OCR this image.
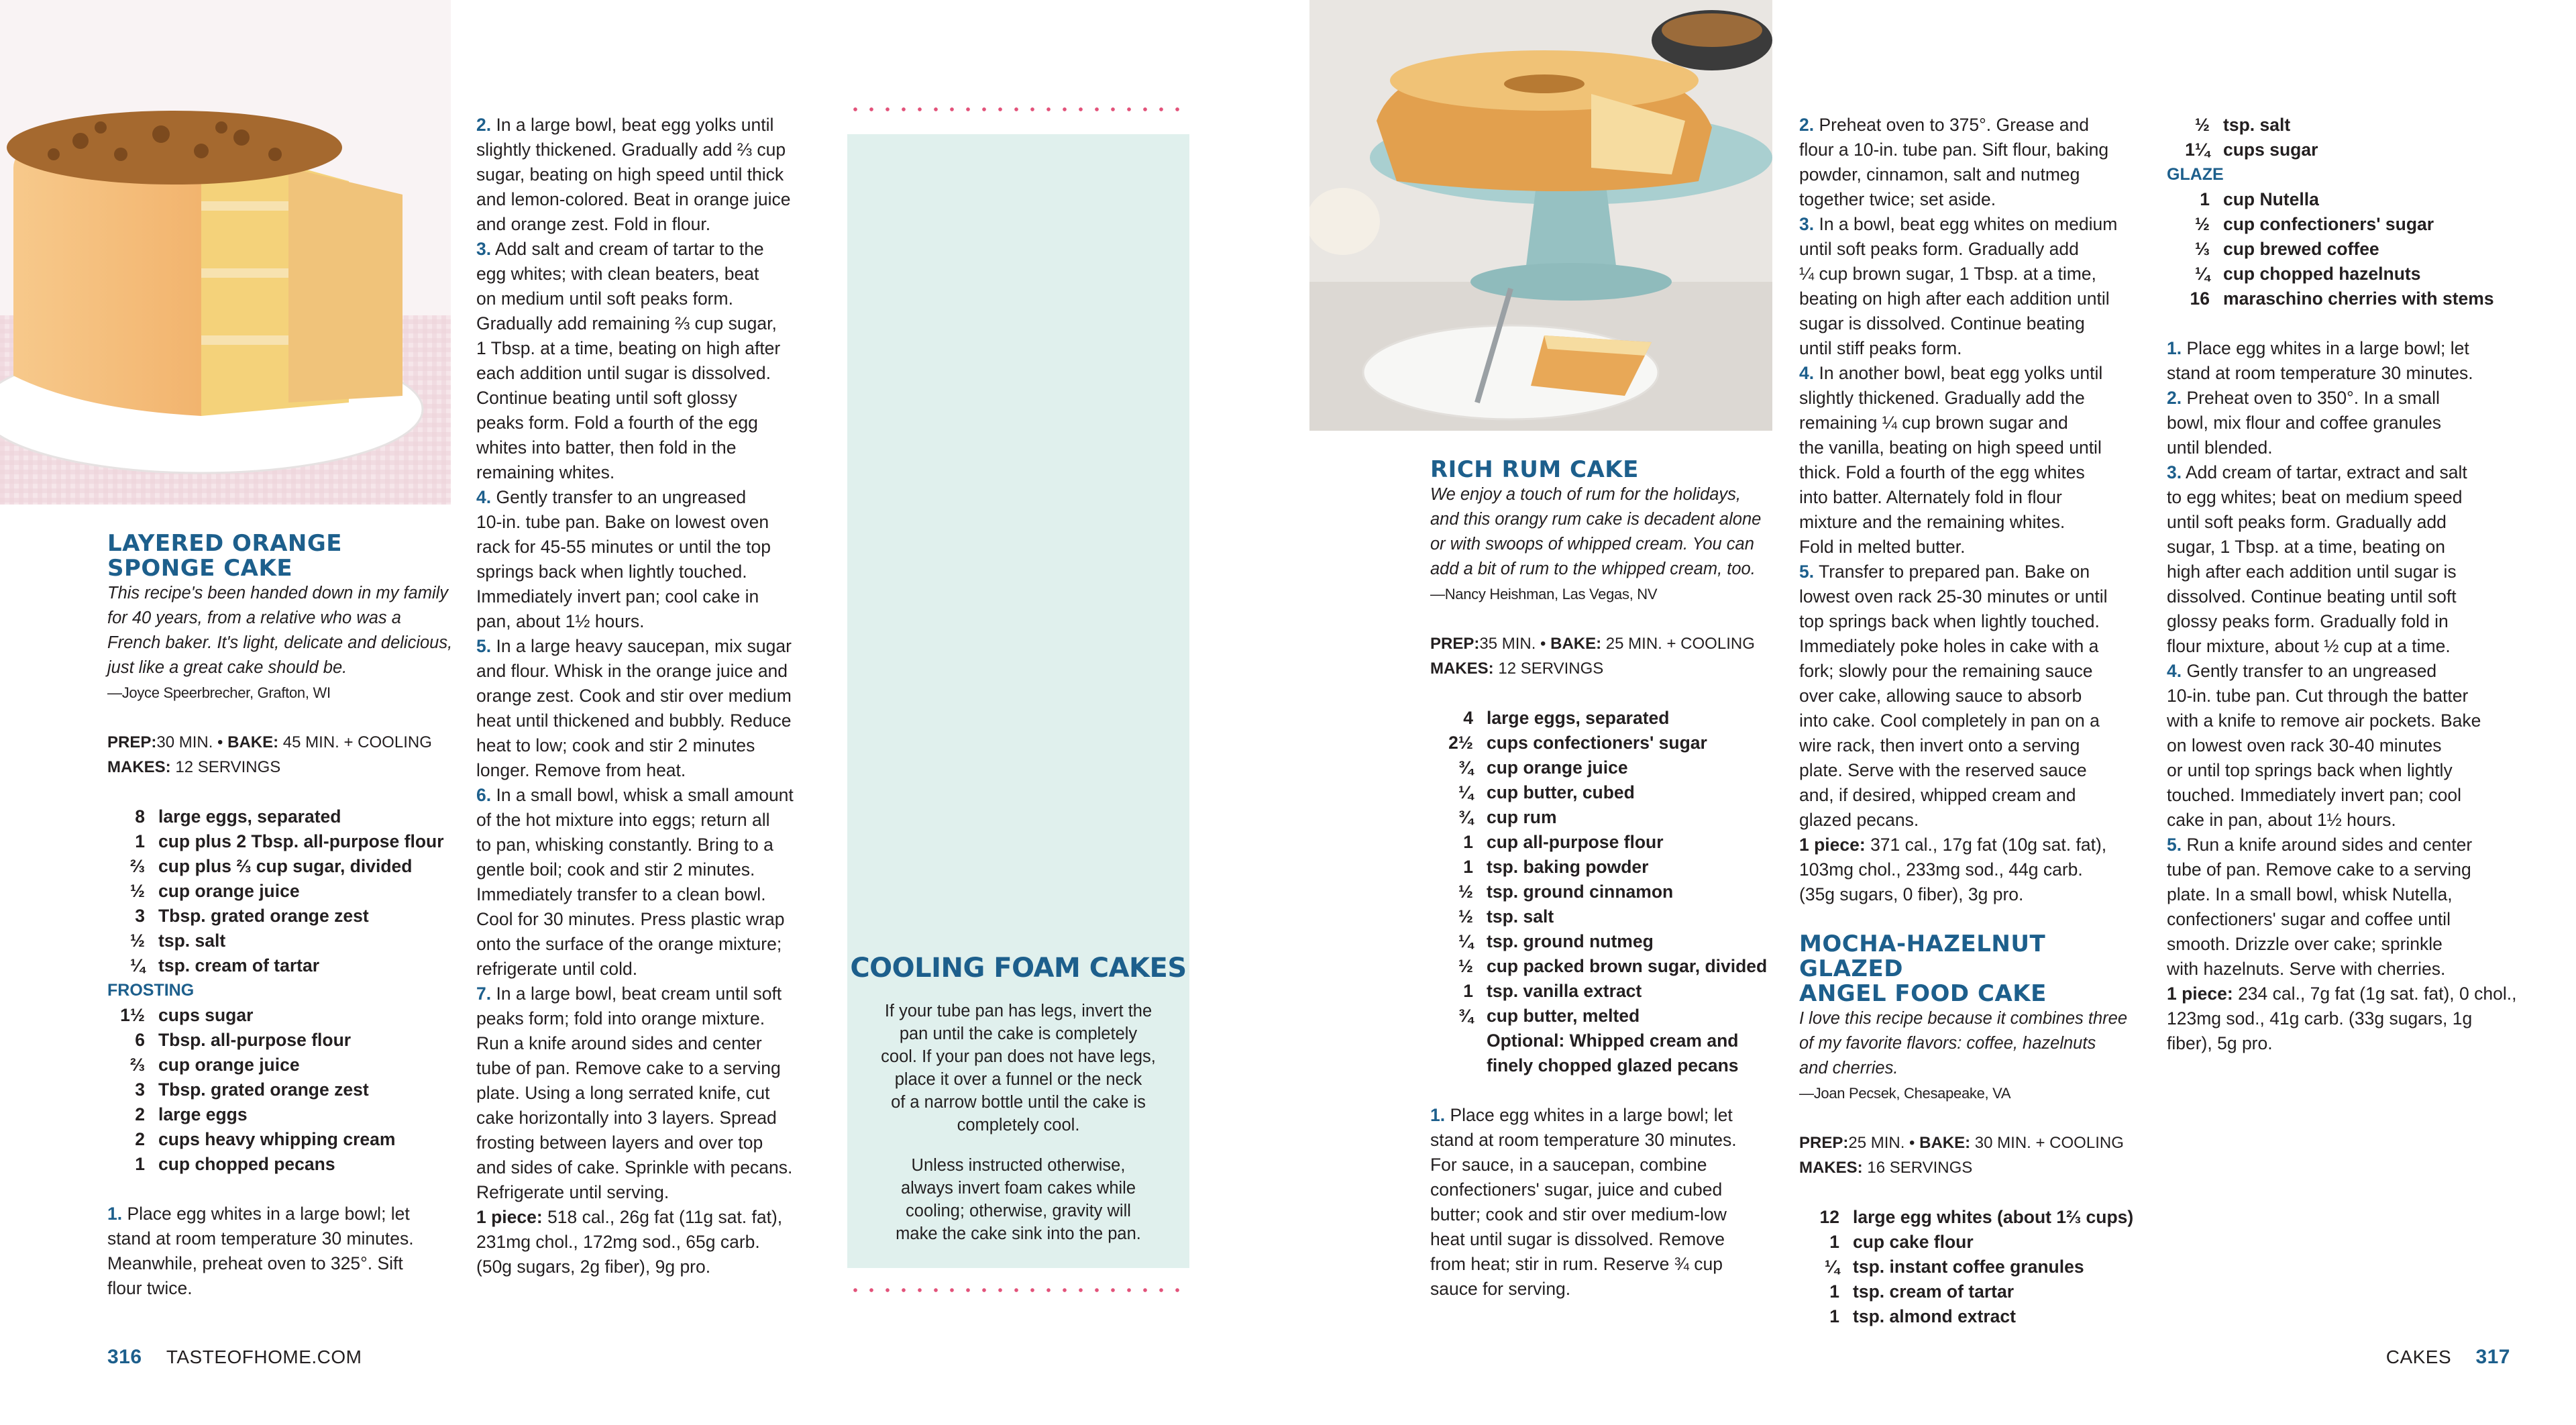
LAYERED ORANGE
SPONGE CAKE

This recipe's been handed down in my family for 40 years, from a relative who was a French baker. It's light, delicate and delicious, just like a great cake should be.

—Joyce Speerbrecher, Grafton, WI

PREP:30 MIN. • BAKE: 45 MIN. + COOLING

MAKES: 12 SERVINGS

8 large eggs, separated
1 cup plus 2 Tbsp. all-purpose flour
⅔ cup plus ⅔ cup sugar, divided
½ cup orange juice
3 Tbsp. grated orange zest
½ tsp. salt
¼ tsp. cream of tartar
FROSTING
1½ cups sugar
6 Tbsp. all-purpose flour
⅔ cup orange juice
3 Tbsp. grated orange zest
2 large eggs
2 cups heavy whipping cream
1 cup chopped pecans

1. Place egg whites in a large bowl; let

stand at room temperature 30 minutes.

Meanwhile, preheat oven to 325°. Sift

flour twice.

2. In a large bowl, beat egg yolks until

slightly thickened. Gradually add ⅔ cup

sugar, beating on high speed until thick

and lemon-colored. Beat in orange juice

and orange zest. Fold in flour.

3. Add salt and cream of tartar to the

egg whites; with clean beaters, beat

on medium until soft peaks form.

Gradually add remaining ⅔ cup sugar,

1 Tbsp. at a time, beating on high after

each addition until sugar is dissolved.

Continue beating until soft glossy

peaks form. Fold a fourth of the egg

whites into batter, then fold in the

remaining whites.

4. Gently transfer to an ungreased

10-in. tube pan. Bake on lowest oven

rack for 45-55 minutes or until the top

springs back when lightly touched.

Immediately invert pan; cool cake in

pan, about 1½ hours.

5. In a large heavy saucepan, mix sugar

and flour. Whisk in the orange juice and

orange zest. Cook and stir over medium

heat until thickened and bubbly. Reduce

heat to low; cook and stir 2 minutes

longer. Remove from heat.

6. In a small bowl, whisk a small amount

of the hot mixture into eggs; return all

to pan, whisking constantly. Bring to a

gentle boil; cook and stir 2 minutes.

Immediately transfer to a clean bowl.

Cool for 30 minutes. Press plastic wrap

onto the surface of the orange mixture;

refrigerate until cold.

7. In a large bowl, beat cream until soft

peaks form; fold into orange mixture.

Run a knife around sides and center

tube of pan. Remove cake to a serving

plate. Using a long serrated knife, cut

cake horizontally into 3 layers. Spread

frosting between layers and over top

and sides of cake. Sprinkle with pecans.

Refrigerate until serving.

1 piece: 518 cal., 26g fat (11g sat. fat),

231mg chol., 172mg sod., 65g carb.

(50g sugars, 2g fiber), 9g pro.

COOLING FOAM CAKES

If your tube pan has legs, invert the

pan until the cake is completely

cool. If your pan does not have legs,

place it over a funnel or the neck

of a narrow bottle until the cake is

completely cool.

Unless instructed otherwise,

always invert foam cakes while

cooling; otherwise, gravity will

make the cake sink into the pan.

RICH RUM CAKE

We enjoy a touch of rum for the holidays,

and this orangy rum cake is decadent alone

or with swoops of whipped cream. You can

add a bit of rum to the whipped cream, too.

—Nancy Heishman, Las Vegas, NV

PREP:35 MIN. • BAKE: 25 MIN. + COOLING

MAKES: 12 SERVINGS

4 large eggs, separated
2½ cups confectioners' sugar
¾ cup orange juice
¼ cup butter, cubed
¾ cup rum
1 cup all-purpose flour
1 tsp. baking powder
½ tsp. ground cinnamon
½ tsp. salt
¼ tsp. ground nutmeg
½ cup packed brown sugar, divided
1 tsp. vanilla extract
¾ cup butter, melted
Optional: Whipped cream and
finely chopped glazed pecans

1. Place egg whites in a large bowl; let

stand at room temperature 30 minutes.

For sauce, in a saucepan, combine

confectioners' sugar, juice and cubed

butter; cook and stir over medium-low

heat until sugar is dissolved. Remove

from heat; stir in rum. Reserve ¾ cup

sauce for serving.

2. Preheat oven to 375°. Grease and

flour a 10-in. tube pan. Sift flour, baking

powder, cinnamon, salt and nutmeg

together twice; set aside.

3. In a bowl, beat egg whites on medium

until soft peaks form. Gradually add

¼ cup brown sugar, 1 Tbsp. at a time,

beating on high after each addition until

sugar is dissolved. Continue beating

until stiff peaks form.

4. In another bowl, beat egg yolks until

slightly thickened. Gradually add the

remaining ¼ cup brown sugar and

the vanilla, beating on high speed until

thick. Fold a fourth of the egg whites

into batter. Alternately fold in flour

mixture and the remaining whites.

Fold in melted butter.

5. Transfer to prepared pan. Bake on

lowest oven rack 25-30 minutes or until

top springs back when lightly touched.

Immediately poke holes in cake with a

fork; slowly pour the remaining sauce

over cake, allowing sauce to absorb

into cake. Cool completely in pan on a

wire rack, then invert onto a serving

plate. Serve with the reserved sauce

and, if desired, whipped cream and

glazed pecans.

1 piece: 371 cal., 17g fat (10g sat. fat),

103mg chol., 233mg sod., 44g carb.

(35g sugars, 0 fiber), 3g pro.

MOCHA-HAZELNUT GLAZED
ANGEL FOOD CAKE

I love this recipe because it combines three

of my favorite flavors: coffee, hazelnuts

and cherries.

—Joan Pecsek, Chesapeake, VA

PREP:25 MIN. • BAKE: 30 MIN. + COOLING

MAKES: 16 SERVINGS

12 large egg whites (about 1⅔ cups)
1 cup cake flour
¼ tsp. instant coffee granules
1 tsp. cream of tartar
1 tsp. almond extract
½ tsp. salt
1¼ cups sugar
GLAZE
1 cup Nutella
½ cup confectioners' sugar
⅓ cup brewed coffee
¼ cup chopped hazelnuts
16 maraschino cherries with stems

1. Place egg whites in a large bowl; let

stand at room temperature 30 minutes.

2. Preheat oven to 350°. In a small

bowl, mix flour and coffee granules

until blended.

3. Add cream of tartar, extract and salt

to egg whites; beat on medium speed

until soft peaks form. Gradually add

sugar, 1 Tbsp. at a time, beating on

high after each addition until sugar is

dissolved. Continue beating until soft

glossy peaks form. Gradually fold in

flour mixture, about ½ cup at a time.

4. Gently transfer to an ungreased

10-in. tube pan. Cut through the batter

with a knife to remove air pockets. Bake

on lowest oven rack 30-40 minutes

or until top springs back when lightly

touched. Immediately invert pan; cool

cake in pan, about 1½ hours.

5. Run a knife around sides and center

tube of pan. Remove cake to a serving

plate. In a small bowl, whisk Nutella,

confectioners' sugar and coffee until

smooth. Drizzle over cake; sprinkle

with hazelnuts. Serve with cherries.

1 piece: 234 cal., 7g fat (1g sat. fat), 0 chol.,

123mg sod., 41g carb. (33g sugars, 1g

fiber), 5g pro.

316 TASTEOFHOME.COM	CAKES 317
